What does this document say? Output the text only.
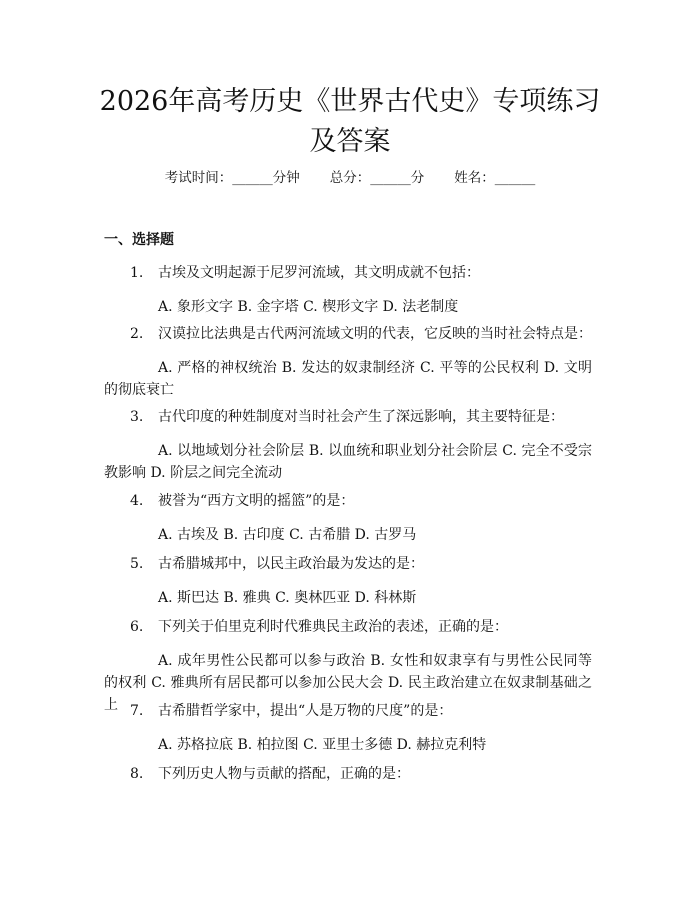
2026年高考历史《世界古代史》专项练习及答案
考试时间：______分钟 总分：______分 姓名：______
一、选择题
1.	古埃及文明起源于尼罗河流域，其文明成就不包括：
A. 象形文字 B. 金字塔 C. 楔形文字 D. 法老制度
2.	汉谟拉比法典是古代两河流域文明的代表，它反映的当时社会特点是：
A. 严格的神权统治 B. 发达的奴隶制经济 C. 平等的公民权利 D. 文明的彻底衰亡
3.	古代印度的种姓制度对当时社会产生了深远影响，其主要特征是：
A. 以地域划分社会阶层 B. 以血统和职业划分社会阶层 C. 完全不受宗教影响 D. 阶层之间完全流动
4.	被誉为“西方文明的摇篮”的是：
A. 古埃及 B. 古印度 C. 古希腊 D. 古罗马
5.	古希腊城邦中，以民主政治最为发达的是：
A. 斯巴达 B. 雅典 C. 奥林匹亚 D. 科林斯
6.	下列关于伯里克利时代雅典民主政治的表述，正确的是：
A. 成年男性公民都可以参与政治 B. 女性和奴隶享有与男性公民同等的权利 C. 雅典所有居民都可以参加公民大会 D. 民主政治建立在奴隶制基础之上 7.	古希腊哲学家中，提出“人是万物的尺度”的是：
A. 苏格拉底 B. 柏拉图 C. 亚里士多德 D. 赫拉克利特
8.	下列历史人物与贡献的搭配，正确的是：
